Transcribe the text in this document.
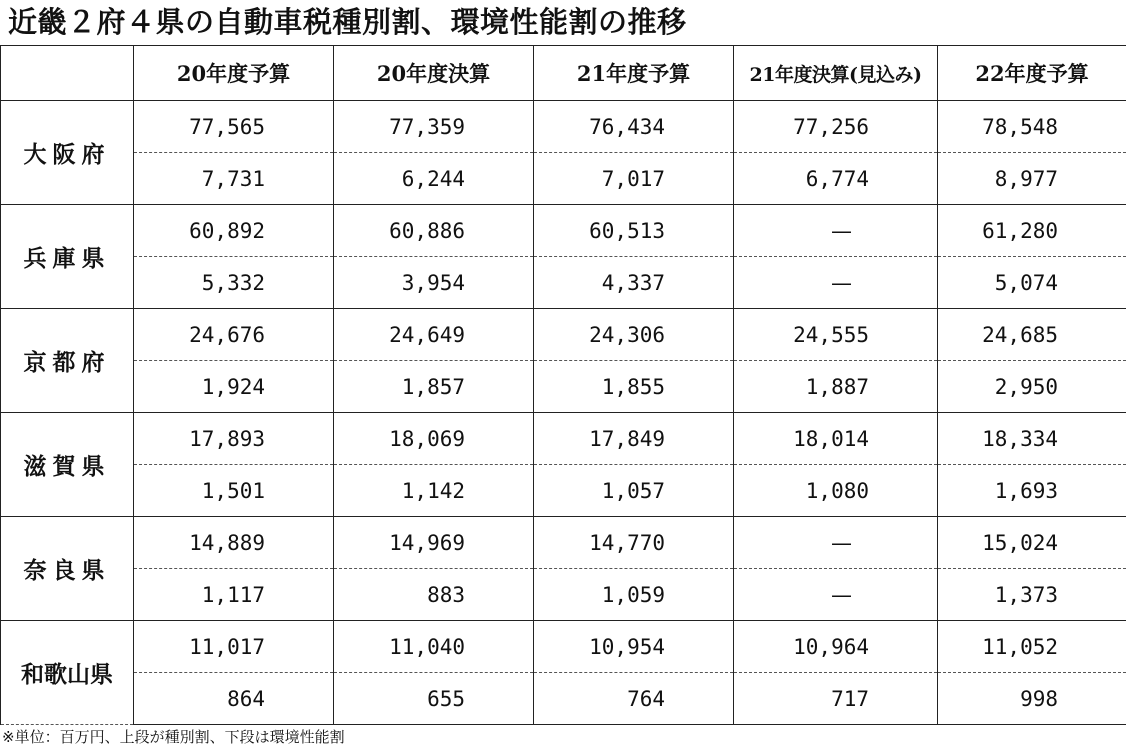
近畿２府４県の自動車税種別割、環境性能割の推移
	20年度予算	20年度決算	21年度予算	21年度決算(見込み)	22年度予算
大阪府	77,565	77,359	76,434	77,256	78,548
	7,731	6,244	7,017	6,774	8,977
兵庫県	60,892	60,886	60,513	—	61,280
	5,332	3,954	4,337	—	5,074
京都府	24,676	24,649	24,306	24,555	24,685
	1,924	1,857	1,855	1,887	2,950
滋賀県	17,893	18,069	17,849	18,014	18,334
	1,501	1,142	1,057	1,080	1,693
奈良県	14,889	14,969	14,770	—	15,024
	1,117	883	1,059	—	1,373
和歌山県	11,017	11,040	10,954	10,964	11,052
	864	655	764	717	998
※単位：百万円、上段が種別割、下段は環境性能割
